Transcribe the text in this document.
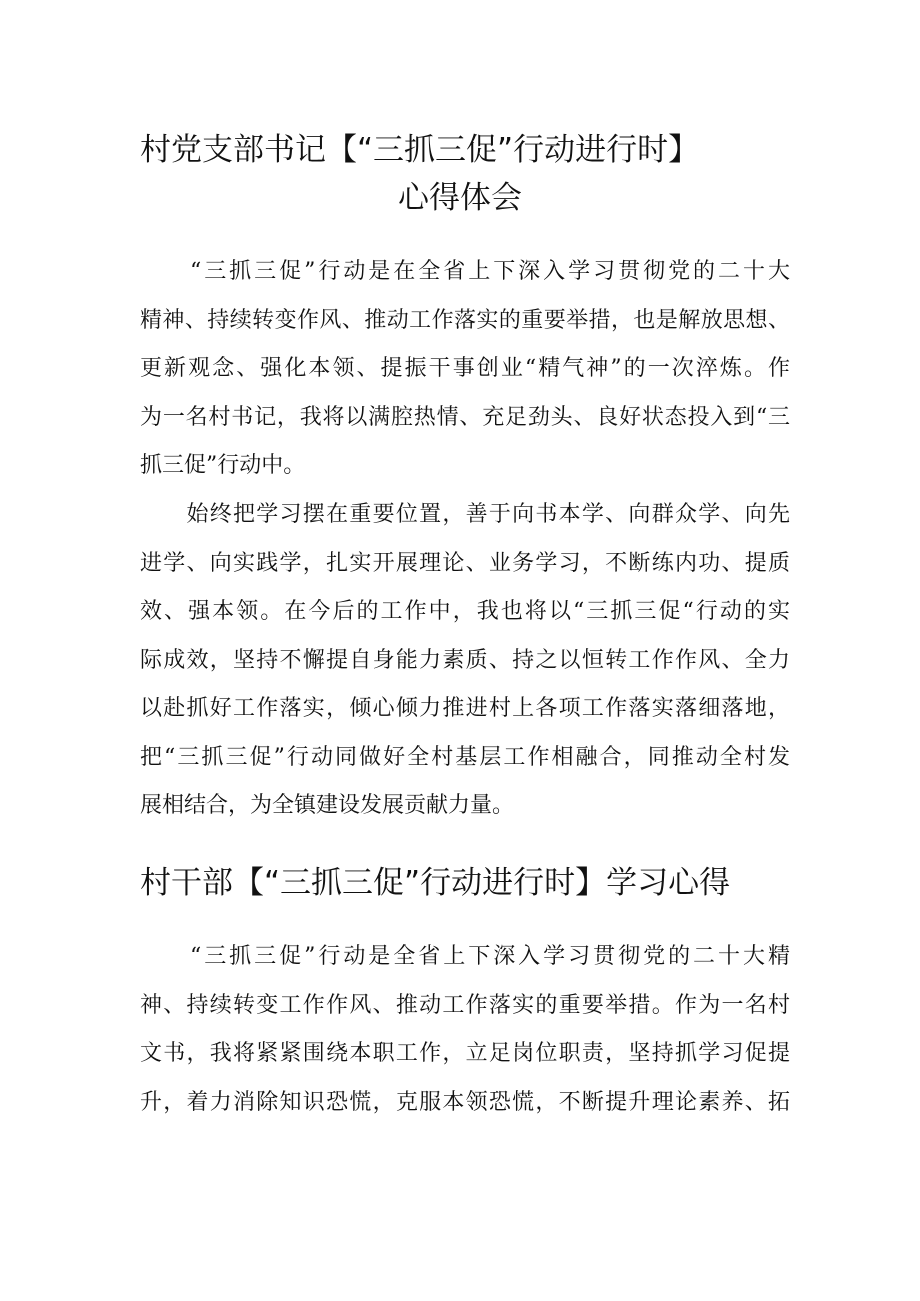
村党支部书记【“三抓三促”行动进行时】
心得体会

　　“三抓三促”行动是在全省上下深入学习贯彻党的二十大
精神、持续转变作风、推动工作落实的重要举措，也是解放思想、
更新观念、强化本领、提振干事创业“精气神”的一次淬炼。作
为一名村书记，我将以满腔热情、充足劲头、良好状态投入到“三
抓三促”行动中。

　　始终把学习摆在重要位置，善于向书本学、向群众学、向先
进学、向实践学，扎实开展理论、业务学习，不断练内功、提质
效、强本领。在今后的工作中，我也将以“三抓三促“行动的实
际成效，坚持不懈提自身能力素质、持之以恒转工作作风、全力
以赴抓好工作落实，倾心倾力推进村上各项工作落实落细落地，
把“三抓三促”行动同做好全村基层工作相融合，同推动全村发
展相结合，为全镇建设发展贡献力量。

村干部【“三抓三促”行动进行时】学习心得

　　“三抓三促”行动是全省上下深入学习贯彻党的二十大精
神、持续转变工作作风、推动工作落实的重要举措。作为一名村
文书，我将紧紧围绕本职工作，立足岗位职责，坚持抓学习促提
升，着力消除知识恐慌，克服本领恐慌，不断提升理论素养、拓
